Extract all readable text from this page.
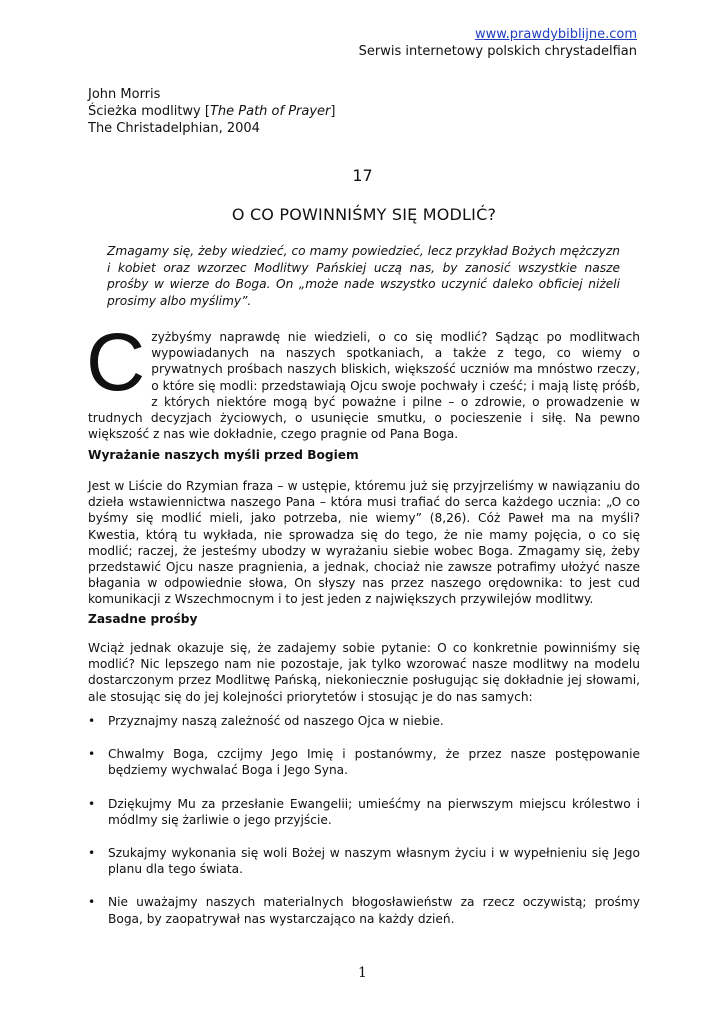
www.prawdybiblijne.com
Serwis internetowy polskich chrystadelfian
John Morris
Ścieżka modlitwy [The Path of Prayer]
The Christadelphian, 2004
17
O CO POWINNIŚMY SIĘ MODLIĆ?
Zmagamy się, żeby wiedzieć, co mamy powiedzieć, lecz przykład Bożych mężczyzn i kobiet oraz wzorzec Modlitwy Pańskiej uczą nas, by zanosić wszystkie nasze prośby w wierze do Boga. On „może nade wszystko uczynić daleko obficiej niżeli prosimy albo myślimy”.
Czyżbyśmy naprawdę nie wiedzieli, o co się modlić? Sądząc po modlitwach wypowiadanych na naszych spotkaniach, a także z tego, co wiemy o prywatnych prośbach naszych bliskich, większość uczniów ma mnóstwo rzeczy, o które się modli: przedstawiają Ojcu swoje pochwały i cześć; i mają listę próśb, z których niektóre mogą być poważne i pilne – o zdrowie, o prowadzenie w trudnych decyzjach życiowych, o usunięcie smutku, o pocieszenie i siłę. Na pewno większość z nas wie dokładnie, czego pragnie od Pana Boga.
Wyrażanie naszych myśli przed Bogiem
Jest w Liście do Rzymian fraza – w ustępie, któremu już się przyjrzeliśmy w nawiązaniu do dzieła wstawiennictwa naszego Pana – która musi trafiać do serca każdego ucznia: „O co byśmy się modlić mieli, jako potrzeba, nie wiemy” (8,26). Cóż Paweł ma na myśli? Kwestia, którą tu wykłada, nie sprowadza się do tego, że nie mamy pojęcia, o co się modlić; raczej, że jesteśmy ubodzy w wyrażaniu siebie wobec Boga. Zmagamy się, żeby przedstawić Ojcu nasze pragnienia, a jednak, chociaż nie zawsze potrafimy ułożyć nasze błagania w odpowiednie słowa, On słyszy nas przez naszego orędownika: to jest cud komunikacji z Wszechmocnym i to jest jeden z największych przywilejów modlitwy.
Zasadne prośby
Wciąż jednak okazuje się, że zadajemy sobie pytanie: O co konkretnie powinniśmy się modlić? Nic lepszego nam nie pozostaje, jak tylko wzorować nasze modlitwy na modelu dostarczonym przez Modlitwę Pańską, niekoniecznie posługując się dokładnie jej słowami, ale stosując się do jej kolejności priorytetów i stosując je do nas samych:
• Przyznajmy naszą zależność od naszego Ojca w niebie.
• Chwalmy Boga, czcijmy Jego Imię i postanówmy, że przez nasze postępowanie będziemy wychwalać Boga i Jego Syna.
• Dziękujmy Mu za przesłanie Ewangelii; umieśćmy na pierwszym miejscu królestwo i módlmy się żarliwie o jego przyjście.
• Szukajmy wykonania się woli Bożej w naszym własnym życiu i w wypełnieniu się Jego planu dla tego świata.
• Nie uważajmy naszych materialnych błogosławieństw za rzecz oczywistą; prośmy Boga, by zaopatrywał nas wystarczająco na każdy dzień.
1
